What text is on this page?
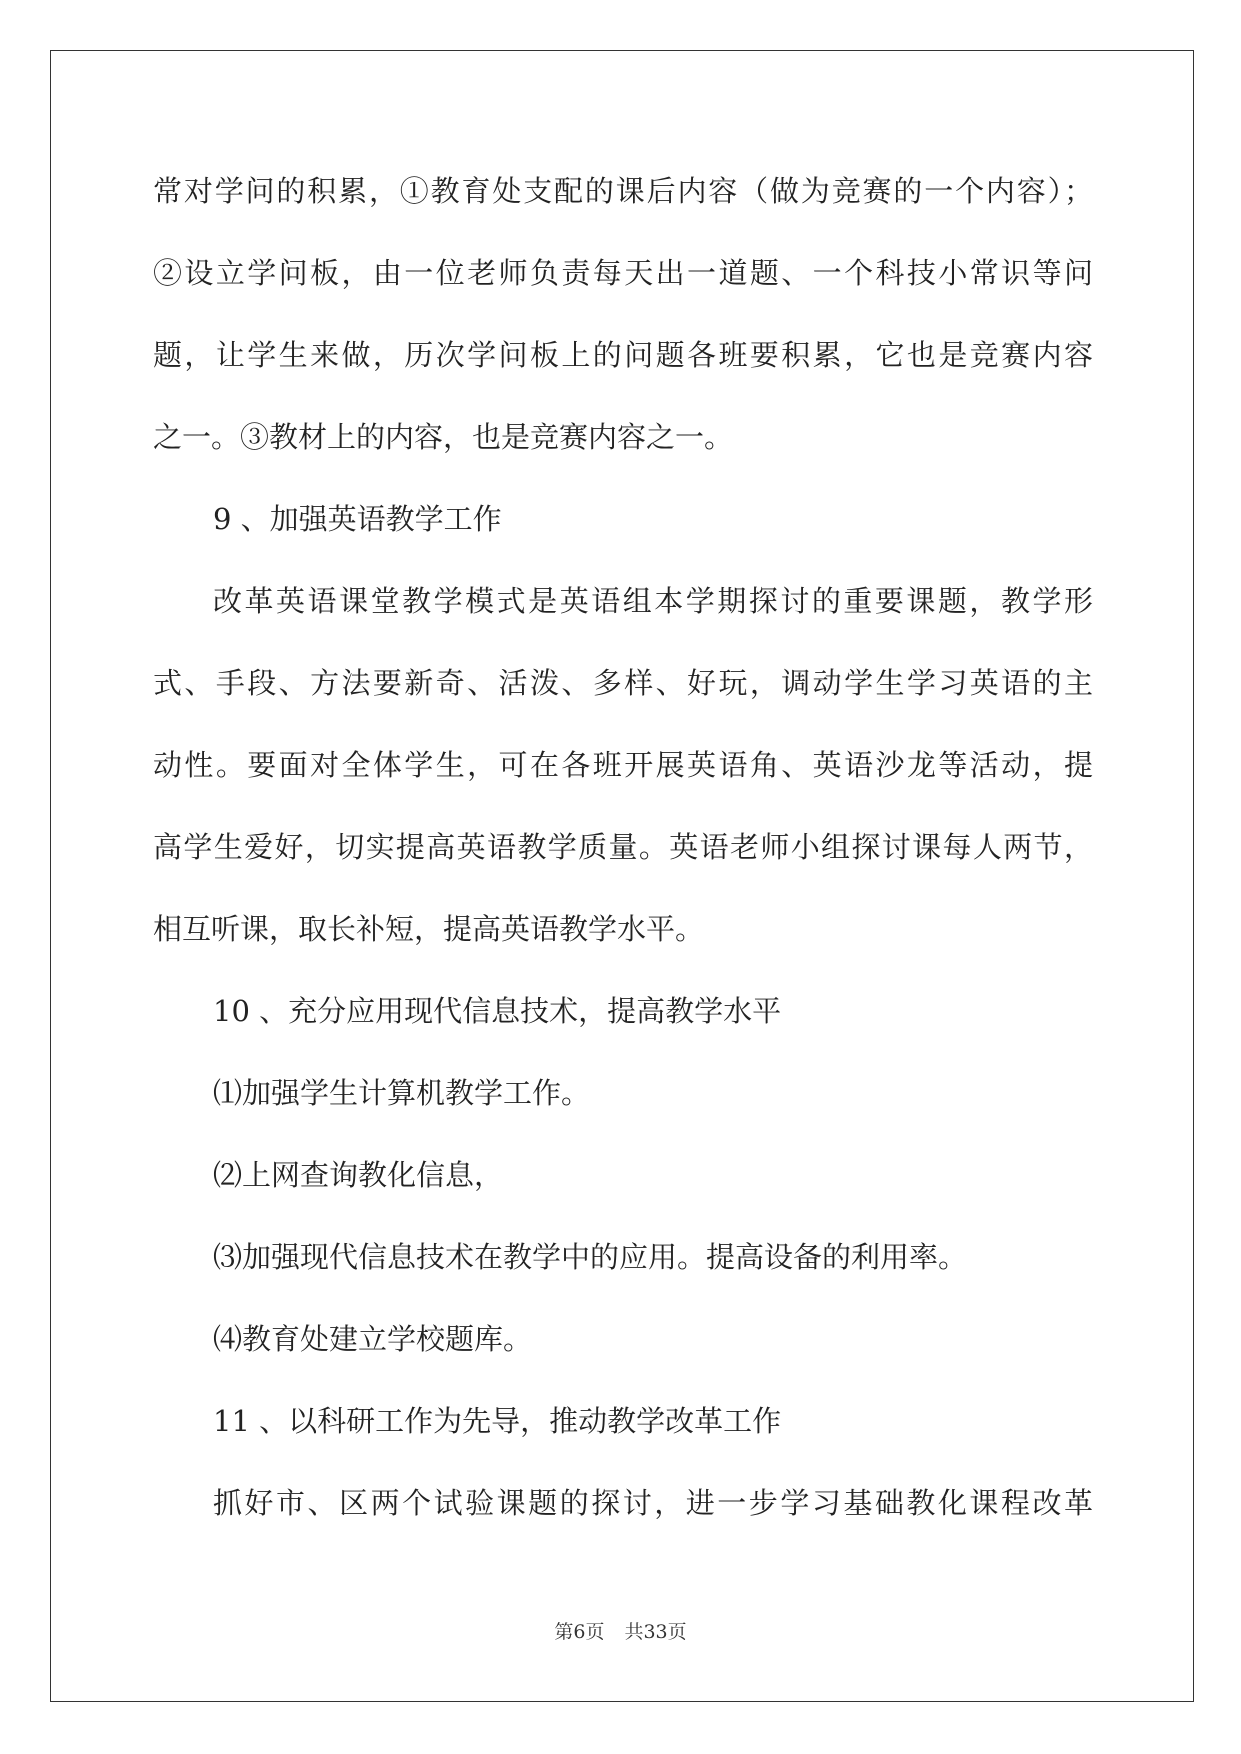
常对学问的积累，①教育处支配的课后内容（做为竞赛的一个内容）；
②设立学问板，由一位老师负责每天出一道题、一个科技小常识等问
题，让学生来做，历次学问板上的问题各班要积累，它也是竞赛内容
之一。③教材上的内容，也是竞赛内容之一。
9 、加强英语教学工作
改革英语课堂教学模式是英语组本学期探讨的重要课题，教学形
式、手段、方法要新奇、活泼、多样、好玩，调动学生学习英语的主
动性。要面对全体学生，可在各班开展英语角、英语沙龙等活动，提
高学生爱好，切实提高英语教学质量。英语老师小组探讨课每人两节，
相互听课，取长补短，提高英语教学水平。
10 、充分应用现代信息技术，提高教学水平
⑴加强学生计算机教学工作。
⑵上网查询教化信息，
⑶加强现代信息技术在教学中的应用。提高设备的利用率。
⑷教育处建立学校题库。
11 、以科研工作为先导，推动教学改革工作
抓好市、区两个试验课题的探讨，进一步学习基础教化课程改革
第6页 共33页
